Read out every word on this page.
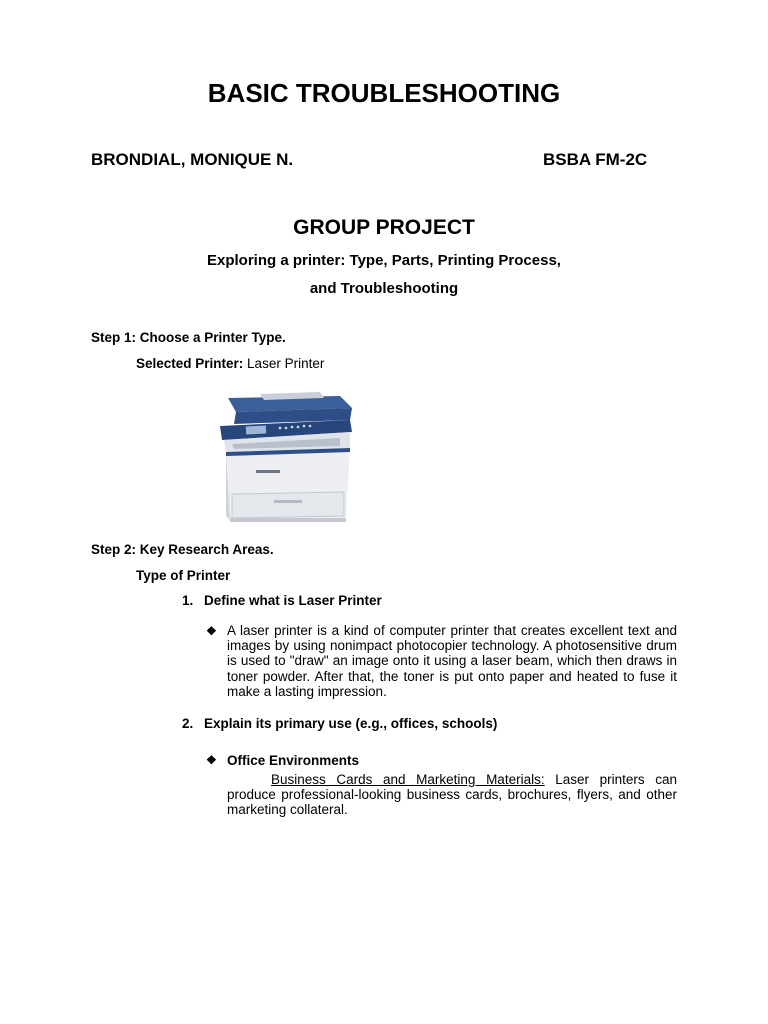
BASIC TROUBLESHOOTING
BRONDIAL, MONIQUE N.	BSBA FM-2C
GROUP PROJECT
Exploring a printer: Type, Parts, Printing Process,
and Troubleshooting
Step 1: Choose a Printer Type.
Selected Printer: Laser Printer
Step 2: Key Research Areas.
Type of Printer
1. Define what is Laser Printer
❖ A laser printer is a kind of computer printer that creates excellent text and images by using nonimpact photocopier technology. A photosensitive drum is used to "draw" an image onto it using a laser beam, which then draws in toner powder. After that, the toner is put onto paper and heated to fuse it make a lasting impression.
2. Explain its primary use (e.g., offices, schools)
❖ Office Environments
Business Cards and Marketing Materials: Laser printers can produce professional-looking business cards, brochures, flyers, and other marketing collateral.
